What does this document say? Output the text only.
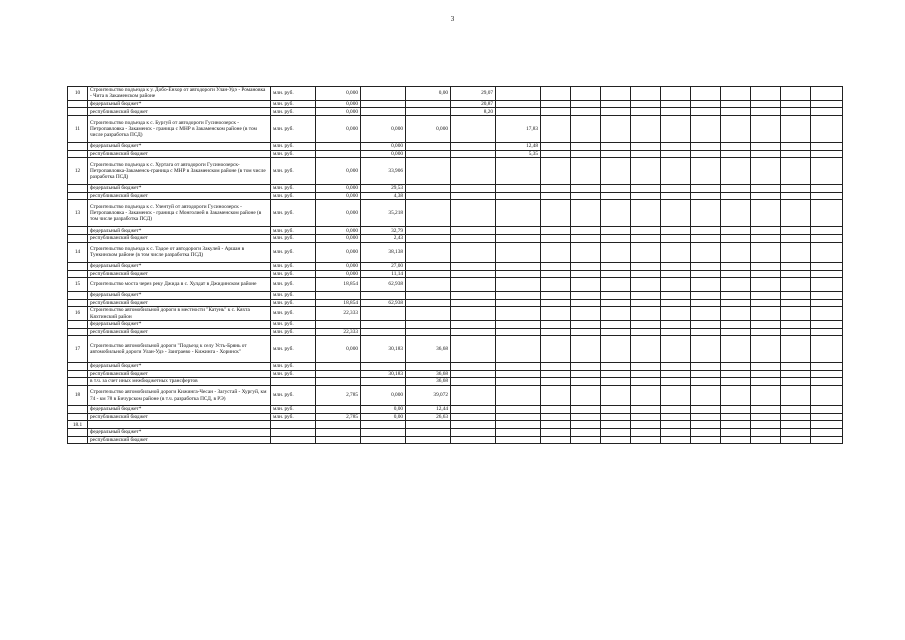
3
10	Строительство подъезда к у. Добо-Енхор от автодороги Улан-Удэ - Романовка - Чита в Закаменском районе	млн. руб.	0,000		0,00	29,07											
	федеральный бюджет*	млн. руб.	0,000			20,87											
	республиканский бюджет	млн. руб.	0,000			8,20											
11	Строительство подъезда к с. Бургуй от автодороги Гусиноозерск - Петропавловка - Закаменск - граница с МНР в Закаменском районе (в том числе разработка ПСД)	млн. руб.	0,000	0,000	0,000		17,83										
	федеральный бюджет*	млн. руб.		0,000			12,48										
	республиканский бюджет	млн. руб.		0,000			5,35										
12	Строительство подъезда к с. Хуртага от автодороги Гусиноозерск-Петропавловка-Закаменск-граница с МНР в Закаменском районе (в том числе разработка ПСД)	млн. руб.	0,000	33,906													
	федеральный бюджет*	млн. руб.	0,000	29,53													
	республиканский бюджет	млн. руб.	0,000	4,38													
13	Строительство подъезда к с. Улентуй от автодороги Гусиноозерск - Петропавловка - Закаменск - граница с Монголией в Закаменском районе (в том числе разработка ПСД)	млн. руб.	0,000	35,218													
	федеральный бюджет*	млн. руб.	0,000	32,79													
	республиканский бюджет	млн. руб.	0,000	2,43													
14	Строительство подъезда к с. Тадое от автодороги Закулей - Аршан в Тункинском районе (в том числе разработка ПСД)	млн. руб.	0,000	38,138													
	федеральный бюджет*	млн. руб.	0,000	27,00													
	республиканский бюджет	млн. руб.	0,000	11,14													
15	Строительство моста через реку Джида в с. Хулдат в Джидинском районе	млн. руб.	18,854	62,938													
	федеральный бюджет*	млн. руб.															
	республиканский бюджет	млн. руб.	18,854	62,938													
16	Строительство автомобильной дороги в местности "Катунь" к с. Кяхта Кяхтинский район	млн. руб.	22,333														
	федеральный бюджет*	млн. руб.															
	республиканский бюджет	млн. руб.	22,333														
17	Строительство автомобильной дороги "Подъезд к селу Усть-Брянь от автомобильной дороги Улан-Удэ - Заиграево - Кижинга - Хоринск"	млн. руб.	0,000	30,183	36,68												
	федеральный бюджет*	млн. руб.															
	республиканский бюджет	млн. руб.		30,183	36,68												
	в т.ч. за счет иных межбюджетных трансфертов				36,68												
18	Строительство автомобильной дороги Кижинга-Чесан - Загустай - Хургуй, км 74 - км 78 в Бичурском районе (в т.ч. разработка ПСД, в РЭ)	млн. руб.	2,785	0,000	39,072												
	федеральный бюджет*	млн. руб.		0,00	12,44												
	республиканский бюджет	млн. руб.	2,785	0,00	26,63												
18.1																	
	федеральный бюджет*																
	республиканский бюджет																
